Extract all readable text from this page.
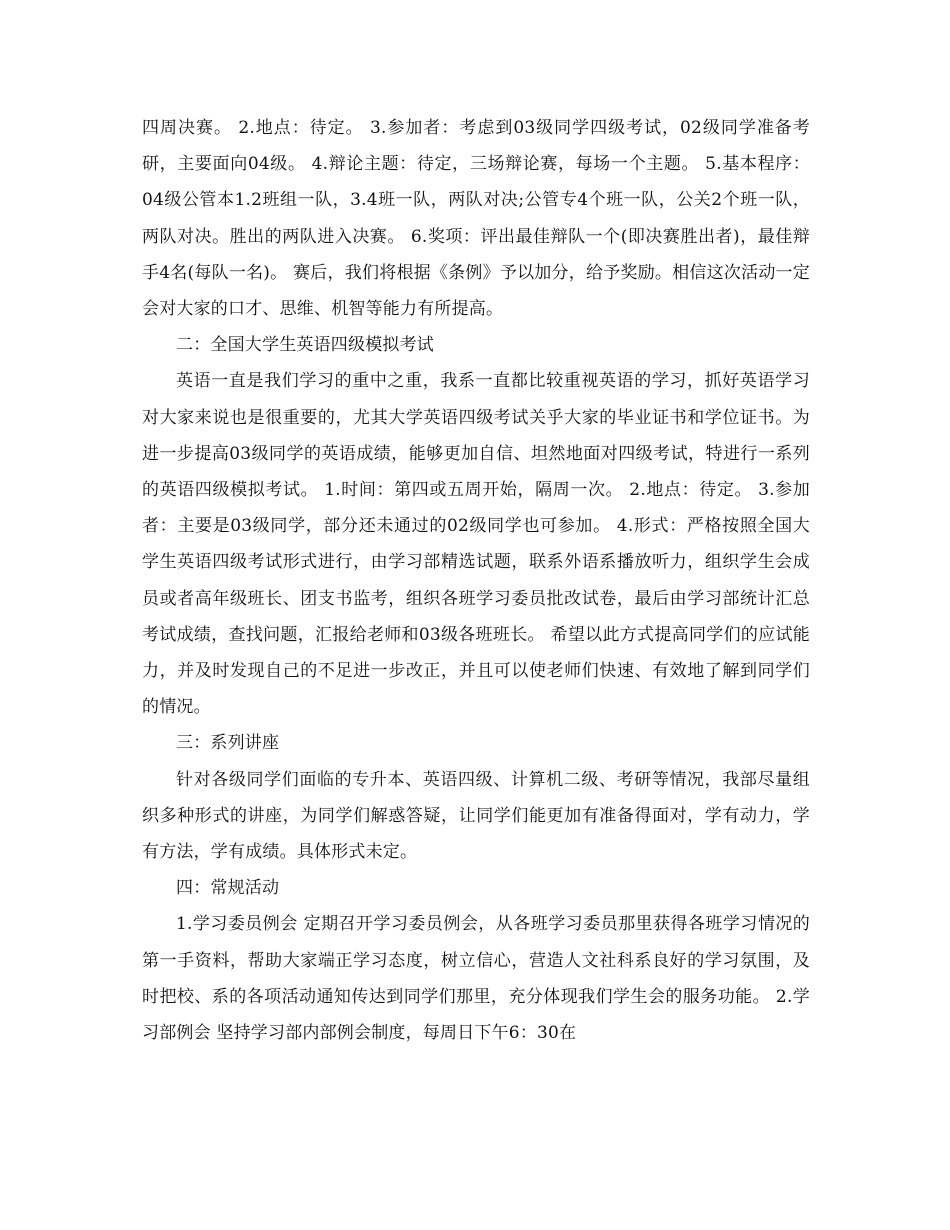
四周决赛。 2.地点：待定。 3.参加者：考虑到03级同学四级考试，02级同学准备考研，主要面向04级。 4.辩论主题：待定，三场辩论赛，每场一个主题。 5.基本程序：04级公管本1.2班组一队，3.4班一队，两队对决;公管专4个班一队，公关2个班一队，两队对决。胜出的两队进入决赛。 6.奖项：评出最佳辩队一个(即决赛胜出者)，最佳辩手4名(每队一名)。 赛后，我们将根据《条例》予以加分，给予奖励。相信这次活动一定会对大家的口才、思维、机智等能力有所提高。

二：全国大学生英语四级模拟考试

英语一直是我们学习的重中之重，我系一直都比较重视英语的学习，抓好英语学习对大家来说也是很重要的，尤其大学英语四级考试关乎大家的毕业证书和学位证书。为进一步提高03级同学的英语成绩，能够更加自信、坦然地面对四级考试，特进行一系列的英语四级模拟考试。 1.时间：第四或五周开始，隔周一次。 2.地点：待定。 3.参加者：主要是03级同学，部分还未通过的02级同学也可参加。 4.形式：严格按照全国大学生英语四级考试形式进行，由学习部精选试题，联系外语系播放听力，组织学生会成员或者高年级班长、团支书监考，组织各班学习委员批改试卷，最后由学习部统计汇总考试成绩，查找问题，汇报给老师和03级各班班长。 希望以此方式提高同学们的应试能力，并及时发现自己的不足进一步改正，并且可以使老师们快速、有效地了解到同学们的情况。

三：系列讲座

针对各级同学们面临的专升本、英语四级、计算机二级、考研等情况，我部尽量组织多种形式的讲座，为同学们解惑答疑，让同学们能更加有准备得面对，学有动力，学有方法，学有成绩。具体形式未定。

四：常规活动

1.学习委员例会 定期召开学习委员例会，从各班学习委员那里获得各班学习情况的第一手资料，帮助大家端正学习态度，树立信心，营造人文社科系良好的学习氛围，及时把校、系的各项活动通知传达到同学们那里，充分体现我们学生会的服务功能。 2.学习部例会 坚持学习部内部例会制度，每周日下午6：30在
